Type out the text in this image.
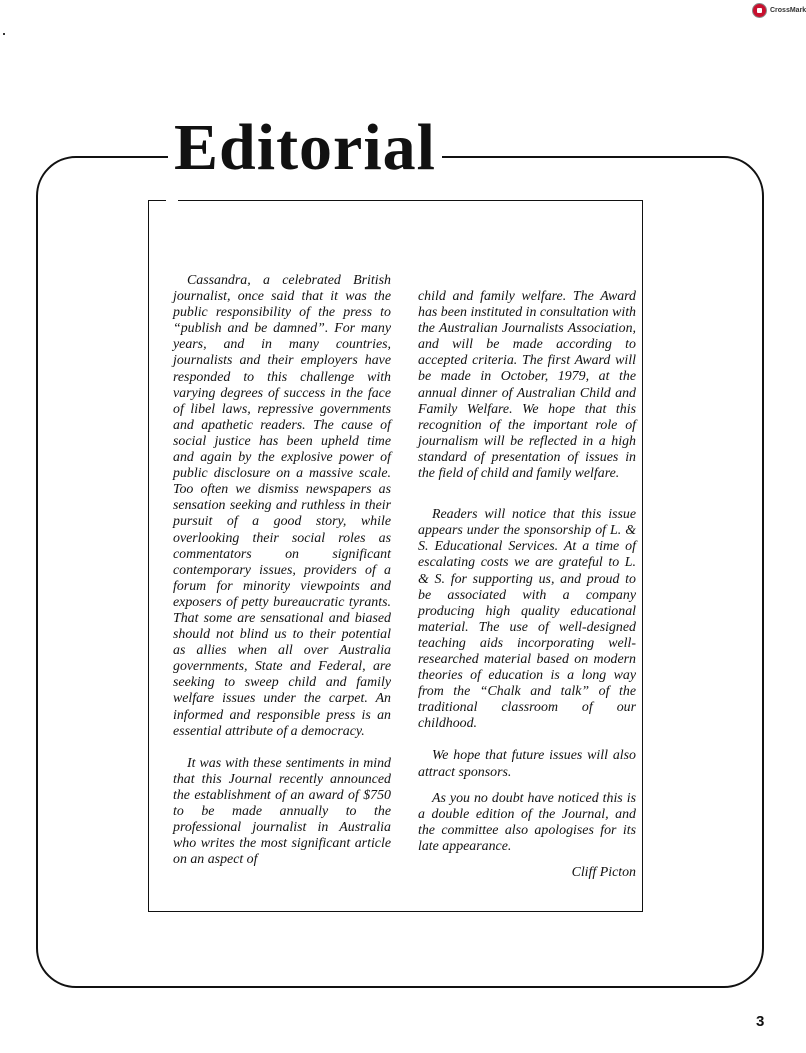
CrossMark
Editorial

Cassandra, a celebrated British journalist, once said that it was the public responsibility of the press to “publish and be damned”. For many years, and in many countries, journalists and their employers have responded to this challenge with varying degrees of success in the face of libel laws, repressive governments and apathetic readers. The cause of social justice has been upheld time and again by the explosive power of public disclosure on a massive scale. Too often we dismiss newspapers as sensation seeking and ruthless in their pursuit of a good story, while overlooking their social roles as commentators on significant contemporary issues, providers of a forum for minority viewpoints and exposers of petty bureaucratic tyrants. That some are sensational and biased should not blind us to their potential as allies when all over Australia governments, State and Federal, are seeking to sweep child and family welfare issues under the carpet. An informed and responsible press is an essential attribute of a democracy.

It was with these sentiments in mind that this Journal recently announced the establishment of an award of $750 to be made annually to the professional journalist in Australia who writes the most significant article on an aspect of

child and family welfare. The Award has been instituted in consultation with the Australian Journalists Association, and will be made according to accepted criteria. The first Award will be made in October, 1979, at the annual dinner of Australian Child and Family Welfare. We hope that this recognition of the important role of journalism will be reflected in a high standard of presentation of issues in the field of child and family welfare.

Readers will notice that this issue appears under the sponsorship of L. & S. Educational Services. At a time of escalating costs we are grateful to L. & S. for supporting us, and proud to be associated with a company producing high quality educational material. The use of well-designed teaching aids incorporating well-researched material based on modern theories of education is a long way from the “Chalk and talk” of the traditional classroom of our childhood.

We hope that future issues will also attract sponsors.

As you no doubt have noticed this is a double edition of the Journal, and the committee also apologises for its late appearance.

Cliff Picton
3
